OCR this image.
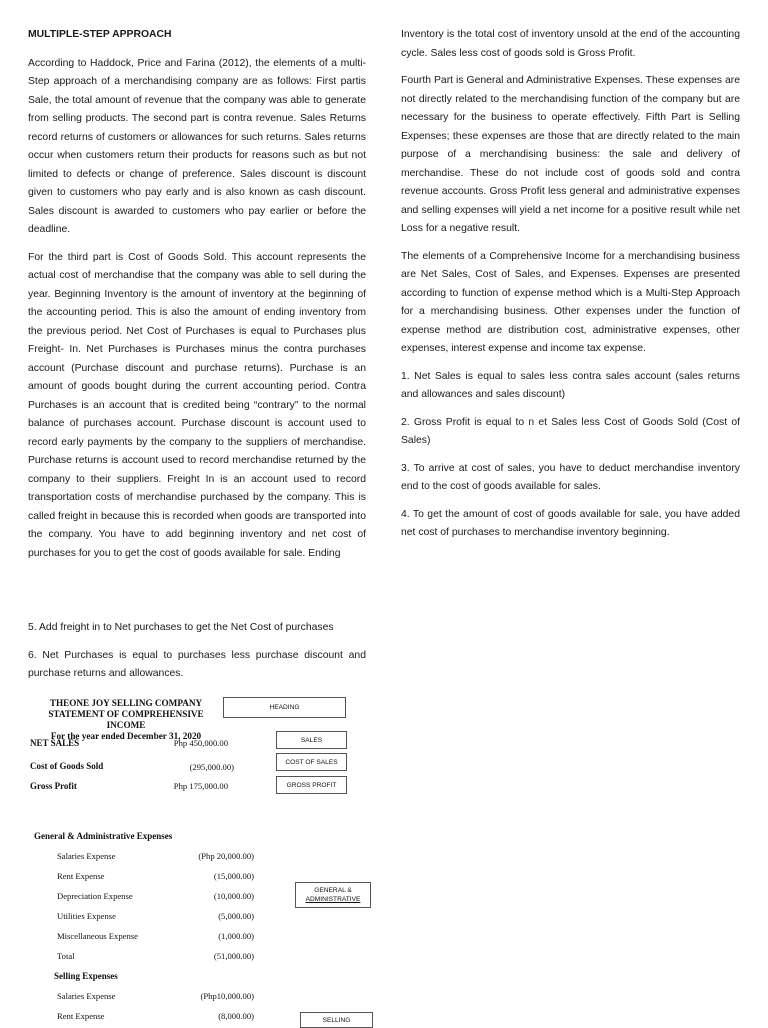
MULTIPLE-STEP APPROACH

According to Haddock, Price and Farina (2012), the elements of a multi-Step approach of a merchandising company are as follows: First partis Sale, the total amount of revenue that the company was able to generate from selling products. The second part is contra revenue. Sales Returns record returns of customers or allowances for such returns. Sales returns occur when customers return their products for reasons such as but not limited to defects or change of preference. Sales discount is discount given to customers who pay early and is also known as cash discount. Sales discount is awarded to customers who pay earlier or before the deadline.

For the third part is Cost of Goods Sold. This account represents the actual cost of merchandise that the company was able to sell during the year. Beginning Inventory is the amount of inventory at the beginning of the accounting period. This is also the amount of ending inventory from the previous period. Net Cost of Purchases is equal to Purchases plus Freight- In. Net Purchases is Purchases minus the contra purchases account (Purchase discount and purchase returns). Purchase is an amount of goods bought during the current accounting period. Contra Purchases is an account that is credited being “contrary” to the normal balance of purchases account. Purchase discount is account used to record early payments by the company to the suppliers of merchandise. Purchase returns is account used to record merchandise returned by the company to their suppliers. Freight In is an account used to record transportation costs of merchandise purchased by the company. This is called freight in because this is recorded when goods are transported into the company. You have to add beginning inventory and net cost of purchases for you to get the cost of goods available for sale. Ending

Inventory is the total cost of inventory unsold at the end of the accounting cycle. Sales less cost of goods sold is Gross Profit.

Fourth Part is General and Administrative Expenses. These expenses are not directly related to the merchandising function of the company but are necessary for the business to operate effectively. Fifth Part is Selling Expenses; these expenses are those that are directly related to the main purpose of a merchandising business: the sale and delivery of merchandise. These do not include cost of goods sold and contra revenue accounts. Gross Profit less general and administrative expenses and selling expenses will yield a net income for a positive result while net Loss for a negative result.

The elements of a Comprehensive Income for a merchandising business are Net Sales, Cost of Sales, and Expenses. Expenses are presented according to function of expense method which is a Multi-Step Approach for a merchandising business. Other expenses under the function of expense method are distribution cost, administrative expenses, other expenses, interest expense and income tax expense.

1. Net Sales is equal to sales less contra sales account (sales returns and allowances and sales discount)

2. Gross Profit is equal to n et Sales less Cost of Goods Sold (Cost of Sales)

3. To arrive at cost of sales, you have to deduct merchandise inventory end to the cost of goods available for sales.

4. To get the amount of cost of goods available for sale, you have added net cost of purchases to merchandise inventory beginning.

5. Add freight in to Net purchases to get the Net Cost of purchases

6. Net Purchases is equal to purchases less purchase discount and purchase returns and allowances.

THEONE JOY SELLING COMPANY
STATEMENT OF COMPREHENSIVE INCOME
For the year ended December 31, 2020
NET SALES	Php 450,000.00
Cost of Goods Sold	(295,000.00)
Gross Profit	Php 175,000.00
General & Administrative Expenses
Salaries Expense	(Php 20,000.00)
Rent Expense	(15,000.00)
Depreciation Expense	(10,000.00)
Utilities Expense	(5,000.00)
Miscellaneous Expense	(1,000.00)
Total	(51,000.00)
Selling Expenses
Salaries Expense	(Php10,000.00)
Rent Expense	(8,000.00)
HEADING
SALES
COST OF SALES
GROSS PROFIT
GENERAL &
ADMINISTRATIVE
SELLING
